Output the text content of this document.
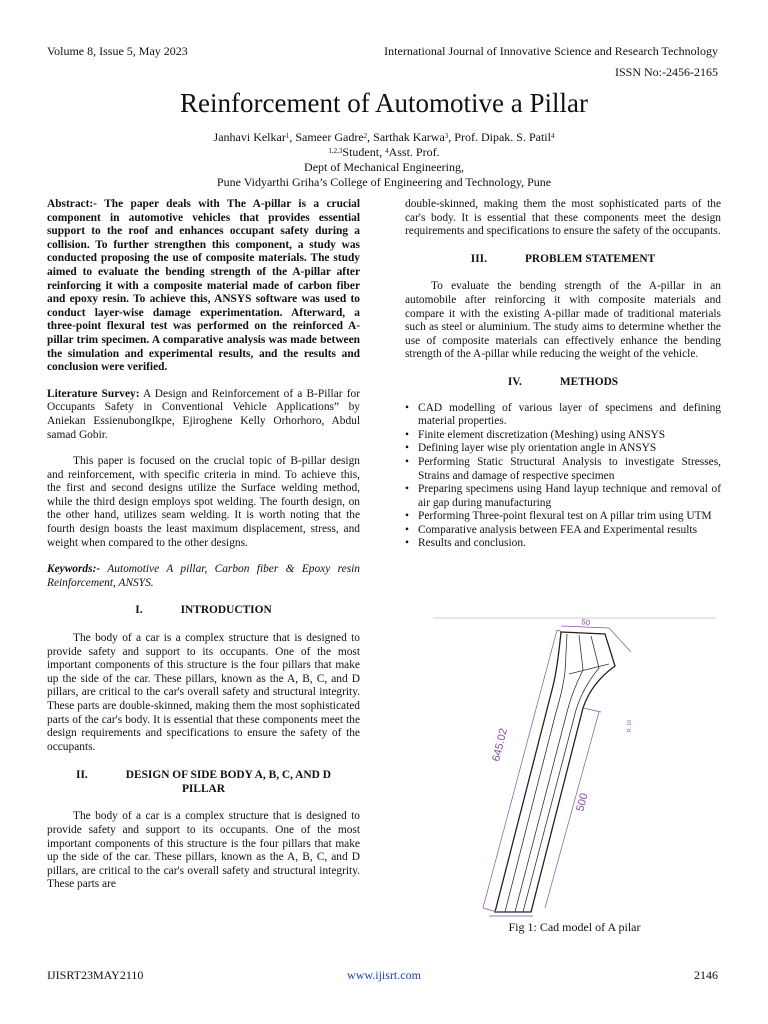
Volume 8, Issue 5, May 2023	International Journal of Innovative Science and Research Technology
ISSN No:-2456-2165
Reinforcement of Automotive a Pillar
Janhavi Kelkar$^1$, Sameer Gadre$^2$, Sarthak Karwa$^3$, Prof. Dipak. S. Patil$^4$
$^{1,2,3}$Student, $^4$Asst. Prof.
Dept of Mechanical Engineering,
Pune Vidyarthi Griha’s College of Engineering and Technology, Pune

Abstract:- The paper deals with The A-pillar is a crucial component in automotive vehicles that provides essential support to the roof and enhances occupant safety during a collision. To further strengthen this component, a study was conducted proposing the use of composite materials. The study aimed to evaluate the bending strength of the A-pillar after reinforcing it with a composite material made of carbon fiber and epoxy resin. To achieve this, ANSYS software was used to conduct layer-wise damage experimentation. Afterward, a three-point flexural test was performed on the reinforced A-pillar trim specimen. A comparative analysis was made between the simulation and experimental results, and the results and conclusion were verified.

Literature Survey: A Design and Reinforcement of a B-Pillar for Occupants Safety in Conventional Vehicle Applications” by Aniekan EssienubongIkpe, Ejiroghene Kelly Orhorhoro, Abdul samad Gobir.

This paper is focused on the crucial topic of B-pillar design and reinforcement, with specific criteria in mind. To achieve this, the first and second designs utilize the Surface welding method, while the third design employs spot welding. The fourth design, on the other hand, utilizes seam welding. It is worth noting that the fourth design boasts the least maximum displacement, stress, and weight when compared to the other designs.

Keywords:- Automotive A pillar, Carbon fiber & Epoxy resin Reinforcement, ANSYS.

I.	INTRODUCTION

The body of a car is a complex structure that is designed to provide safety and support to its occupants. One of the most important components of this structure is the four pillars that make up the side of the car. These pillars, known as the A, B, C, and D pillars, are critical to the car's overall safety and structural integrity. These parts are double-skinned, making them the most sophisticated parts of the car's body. It is essential that these components meet the design requirements and specifications to ensure the safety of the occupants.

II.	DESIGN OF SIDE BODY A, B, C, AND D
PILLAR

The body of a car is a complex structure that is designed to provide safety and support to its occupants. One of the most important components of this structure is the four pillars that make up the side of the car. These pillars, known as the A, B, C, and D pillars, are critical to the car's overall safety and structural integrity. These parts are

double-skinned, making them the most sophisticated parts of the car's body. It is essential that these components meet the design requirements and specifications to ensure the safety of the occupants.

III.	PROBLEM STATEMENT

To evaluate the bending strength of the A-pillar in an automobile after reinforcing it with composite materials and compare it with the existing A-pillar made of traditional materials such as steel or aluminium. The study aims to determine whether the use of composite materials can effectively enhance the bending strength of the A-pillar while reducing the weight of the vehicle.

IV.	METHODS
• CAD modelling of various layer of specimens and defining material properties.
• Finite element discretization (Meshing) using ANSYS
• Defining layer wise ply orientation angle in ANSYS
• Performing Static Structural Analysis to investigate Stresses, Strains and damage of respective specimen
• Preparing specimens using Hand layup technique and removal of air gap during manufacturing
• Performing Three-point flexural test on A pillar trim using UTM
• Comparative analysis between FEA and Experimental results
• Results and conclusion.
645.02
500
50
R. 10
Fig 1: Cad model of A pilar
IJISRT23MAY2110	www.ijisrt.com	2146
